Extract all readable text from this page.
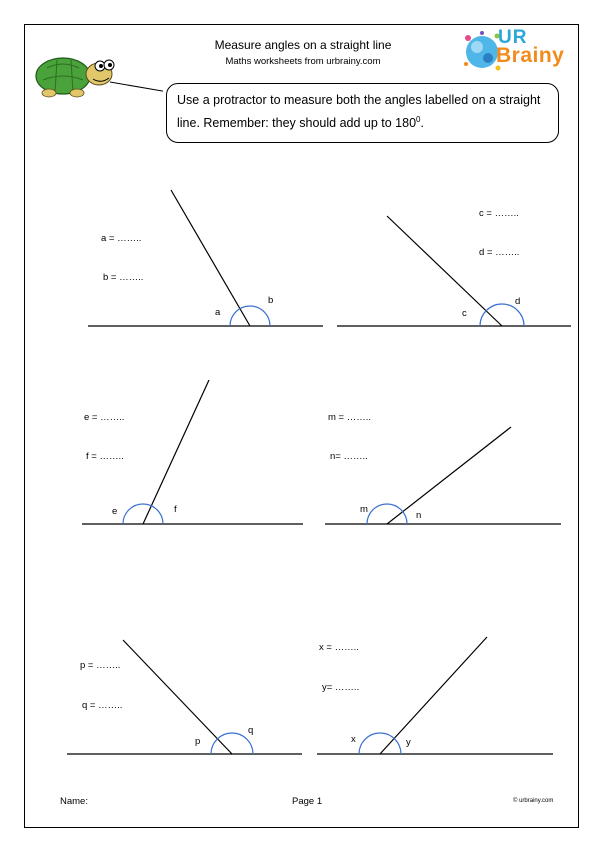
Measure angles on a straight line
Maths worksheets from urbrainy.com
UR
Brainy
Use a protractor to measure both the angles labelled on a straight line. Remember: they should add up to $180^0$.
a = ……..
b = ……..
c = ……..
d = ……..
e = ……..
f = ……..
m = ……..
n= ……..
p = ……..
q = ……..
x = ……..
y= ……..
a
b
c
d
e	f	m
n
p
q
x	y
Name:	Page 1	© urbrainy.com
